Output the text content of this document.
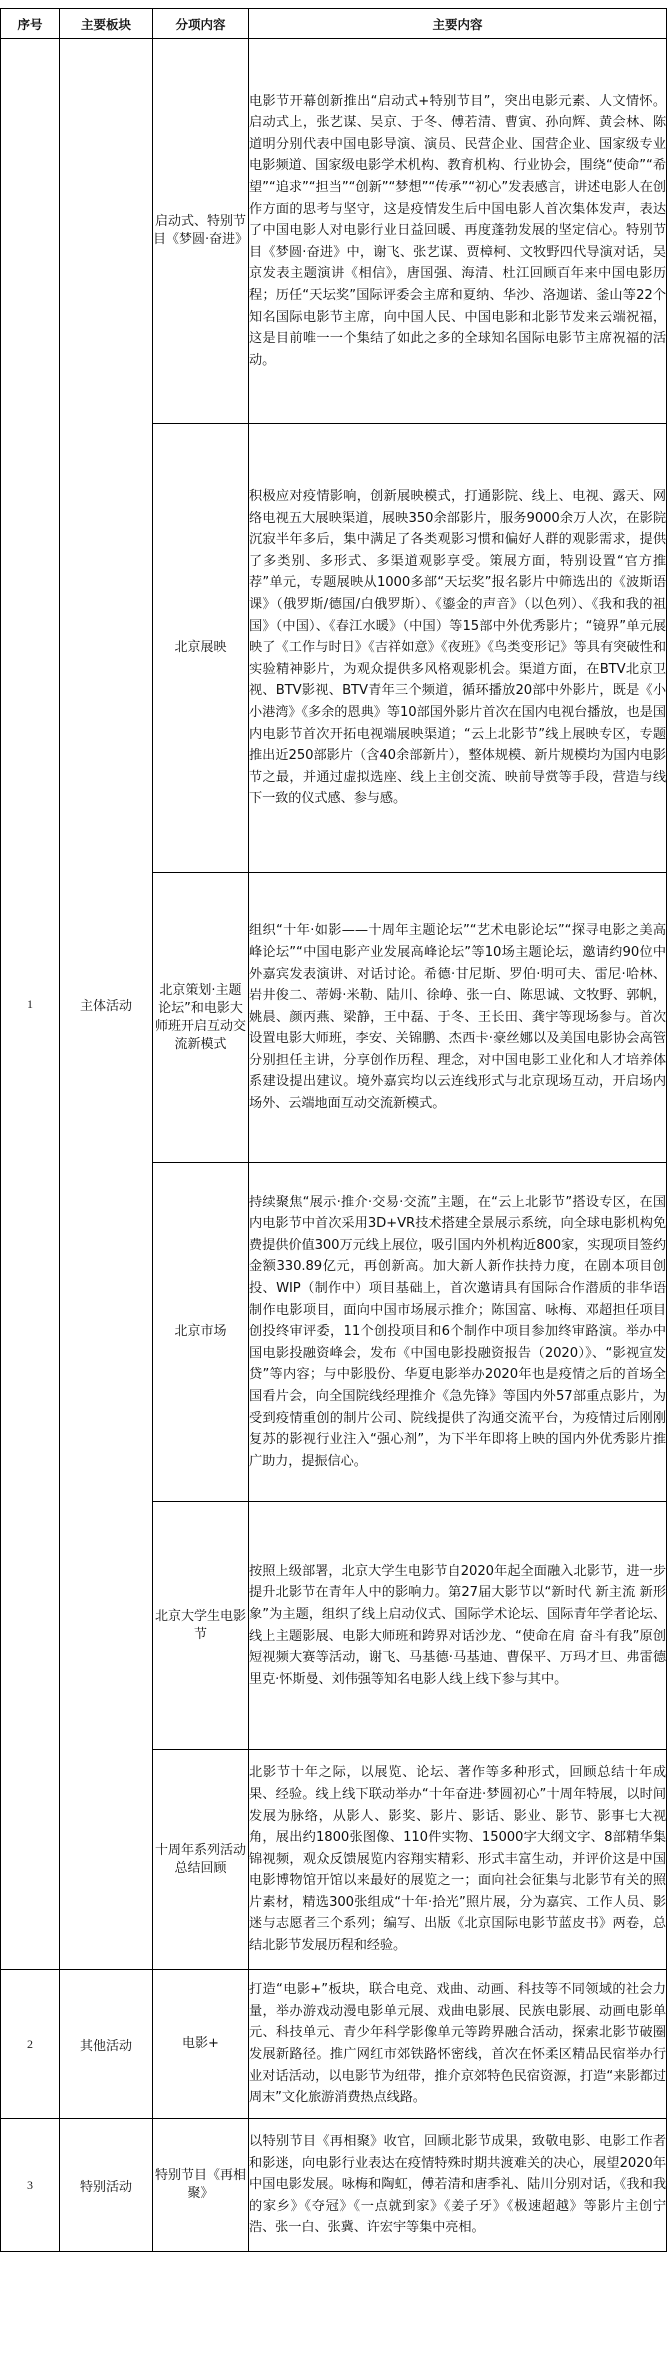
序号	主要板块	分项内容	主要内容
1	主体活动	启动式、特别节目《梦圆·奋进》	电影节开幕创新推出“启动式+特别节目”，突出电影元素、人文情怀。启动式上，张艺谋、吴京、于冬、傅若清、曹寅、孙向辉、黄会林、陈道明分别代表中国电影导演、演员、民营企业、国营企业、国家级专业电影频道、国家级电影学术机构、教育机构、行业协会，围绕“使命”“希望”“追求”“担当”“创新”“梦想”“传承”“初心”发表感言，讲述电影人在创作方面的思考与坚守，这是疫情发生后中国电影人首次集体发声，表达了中国电影人对电影行业日益回暖、再度蓬勃发展的坚定信心。特别节目《梦圆·奋进》中，谢飞、张艺谋、贾樟柯、文牧野四代导演对话，吴京发表主题演讲《相信》，唐国强、海清、杜江回顾百年来中国电影历程；历任“天坛奖”国际评委会主席和夏纳、华沙、洛迦诺、釜山等22个知名国际电影节主席，向中国人民、中国电影和北影节发来云端祝福，这是目前唯一一个集结了如此之多的全球知名国际电影节主席祝福的活动。
		北京展映	积极应对疫情影响，创新展映模式，打通影院、线上、电视、露天、网络电视五大展映渠道，展映350余部影片，服务9000余万人次，在影院沉寂半年多后，集中满足了各类观影习惯和偏好人群的观影需求，提供了多类别、多形式、多渠道观影享受。策展方面，特别设置“官方推荐”单元，专题展映从1000多部“天坛奖”报名影片中筛选出的《波斯语课》（俄罗斯/德国/白俄罗斯）、《鎏金的声音》（以色列）、《我和我的祖国》（中国）、《春江水暖》（中国）等15部中外优秀影片；“镜界”单元展映了《工作与时日》《吉祥如意》《夜班》《鸟类变形记》等具有突破性和实验精神影片，为观众提供多风格观影机会。渠道方面，在BTV北京卫视、BTV影视、BTV青年三个频道，循环播放20部中外影片，既是《小小港湾》《多余的恩典》等10部国外影片首次在国内电视台播放，也是国内电影节首次开拓电视端展映渠道；“云上北影节”线上展映专区，专题推出近250部影片（含40余部新片），整体规模、新片规模均为国内电影节之最，并通过虚拟选座、线上主创交流、映前导赏等手段，营造与线下一致的仪式感、参与感。
		北京策划·主题论坛”和电影大师班开启互动交流新模式	组织“十年·如影——十周年主题论坛”“艺术电影论坛”“探寻电影之美高峰论坛”“中国电影产业发展高峰论坛”等10场主题论坛，邀请约90位中外嘉宾发表演讲、对话讨论。希德·甘尼斯、罗伯·明可夫、雷尼·哈林、岩井俊二、蒂姆·米勒、陆川、徐峥、张一白、陈思诚、文牧野、郭帆，姚晨、颜丙燕、梁静，王中磊、于冬、王长田、龚宇等现场参与。首次设置电影大师班，李安、关锦鹏、杰西卡·豪丝娜以及美国电影协会高管分别担任主讲，分享创作历程、理念，对中国电影工业化和人才培养体系建设提出建议。境外嘉宾均以云连线形式与北京现场互动，开启场内场外、云端地面互动交流新模式。
		北京市场	持续聚焦“展示·推介·交易·交流”主题，在“云上北影节”搭设专区，在国内电影节中首次采用3D+VR技术搭建全景展示系统，向全球电影机构免费提供价值300万元线上展位，吸引国内外机构近800家，实现项目签约金额330.89亿元，再创新高。加大新人新作扶持力度，在剧本项目创投、WIP（制作中）项目基础上，首次邀请具有国际合作潜质的非华语制作电影项目，面向中国市场展示推介；陈国富、咏梅、邓超担任项目创投终审评委，11个创投项目和6个制作中项目参加终审路演。举办中国电影投融资峰会，发布《中国电影投融资报告（2020）》、“影视宣发贷”等内容；与中影股份、华夏电影举办2020年也是疫情之后的首场全国看片会，向全国院线经理推介《急先锋》等国内外57部重点影片，为受到疫情重创的制片公司、院线提供了沟通交流平台，为疫情过后刚刚复苏的影视行业注入“强心剂”，为下半年即将上映的国内外优秀影片推广助力，提振信心。
		北京大学生电影节	按照上级部署，北京大学生电影节自2020年起全面融入北影节，进一步提升北影节在青年人中的影响力。第27届大影节以“新时代 新主流 新形象”为主题，组织了线上启动仪式、国际学术论坛、国际青年学者论坛、线上主题影展、电影大师班和跨界对话沙龙、“使命在肩 奋斗有我”原创短视频大赛等活动，谢飞、马基德·马基迪、曹保平、万玛才旦、弗雷德里克·怀斯曼、刘伟强等知名电影人线上线下参与其中。
		十周年系列活动总结回顾	北影节十年之际，以展览、论坛、著作等多种形式，回顾总结十年成果、经验。线上线下联动举办“十年奋进·梦圆初心”十周年特展，以时间发展为脉络，从影人、影奖、影片、影话、影业、影节、影事七大视角，展出约1800张图像、110件实物、15000字大纲文字、8部精华集锦视频，观众反馈展览内容翔实精彩、形式丰富生动，并评价这是中国电影博物馆开馆以来最好的展览之一；面向社会征集与北影节有关的照片素材，精选300张组成“十年·拾光”照片展，分为嘉宾、工作人员、影迷与志愿者三个系列；编写、出版《北京国际电影节蓝皮书》两卷，总结北影节发展历程和经验。
2	其他活动	电影+	打造“电影+”板块，联合电竞、戏曲、动画、科技等不同领域的社会力量，举办游戏动漫电影单元展、戏曲电影展、民族电影展、动画电影单元、科技单元、青少年科学影像单元等跨界融合活动，探索北影节破圈发展新路径。推广网红市郊铁路怀密线，首次在怀柔区精品民宿举办行业对话活动，以电影节为纽带，推介京郊特色民宿资源，打造“来影都过周末”文化旅游消费热点线路。
3	特别活动	特别节目《再相聚》	以特别节目《再相聚》收官，回顾北影节成果，致敬电影、电影工作者和影迷，向电影行业表达在疫情特殊时期共渡难关的决心，展望2020年中国电影发展。咏梅和陶虹，傅若清和唐季礼、陆川分别对话，《我和我的家乡》《夺冠》《一点就到家》《姜子牙》《极速超越》等影片主创宁浩、张一白、张冀、许宏宇等集中亮相。
